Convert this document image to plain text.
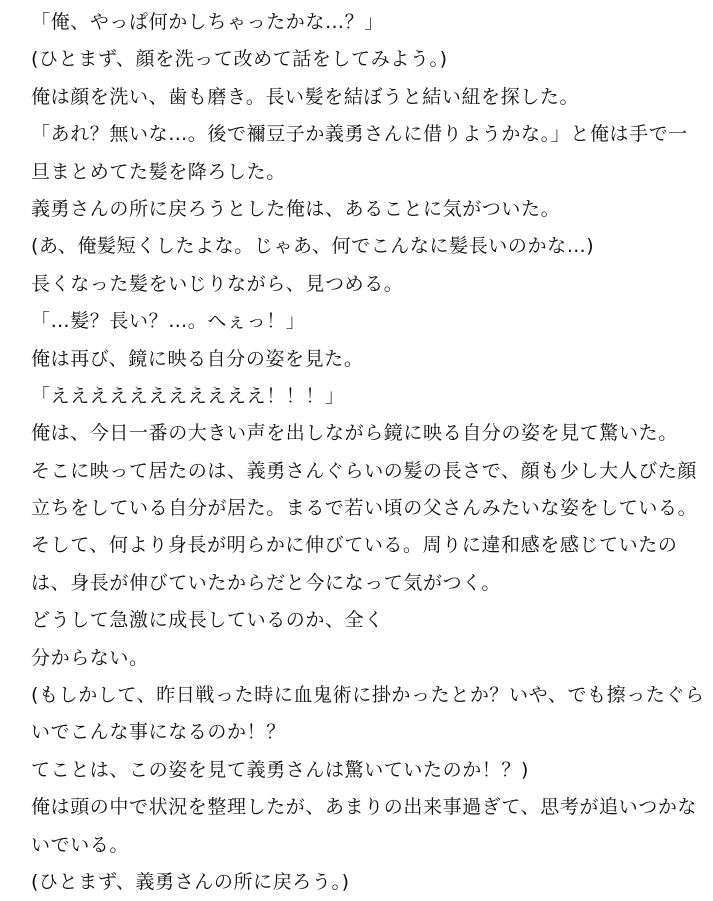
「俺、やっぱ何かしちゃったかな…？」
(ひとまず、顔を洗って改めて話をしてみよう。)
俺は顔を洗い、歯も磨き。長い髪を結ぼうと結い紐を探した。
「あれ？無いな…。後で禰豆子か義勇さんに借りようかな。」と俺は手で一
旦まとめてた髪を降ろした。
義勇さんの所に戻ろうとした俺は、あることに気がついた。
(あ、俺髪短くしたよな。じゃあ、何でこんなに髪長いのかな…)
長くなった髪をいじりながら、見つめる。
「…髪？長い？…。へぇっ！」
俺は再び、鏡に映る自分の姿を見た。
「えええええええええええ！！！」
俺は、今日一番の大きい声を出しながら鏡に映る自分の姿を見て驚いた。
そこに映って居たのは、義勇さんぐらいの髪の長さで、顔も少し大人びた顔
立ちをしている自分が居た。まるで若い頃の父さんみたいな姿をしている。
そして、何より身長が明らかに伸びている。周りに違和感を感じていたの
は、身長が伸びていたからだと今になって気がつく。
どうして急激に成長しているのか、全く
分からない。
(もしかして、昨日戦った時に血鬼術に掛かったとか？いや、でも擦ったぐら
いでこんな事になるのか！？
てことは、この姿を見て義勇さんは驚いていたのか！？)
俺は頭の中で状況を整理したが、あまりの出来事過ぎて、思考が追いつかな
いでいる。
(ひとまず、義勇さんの所に戻ろう。)
